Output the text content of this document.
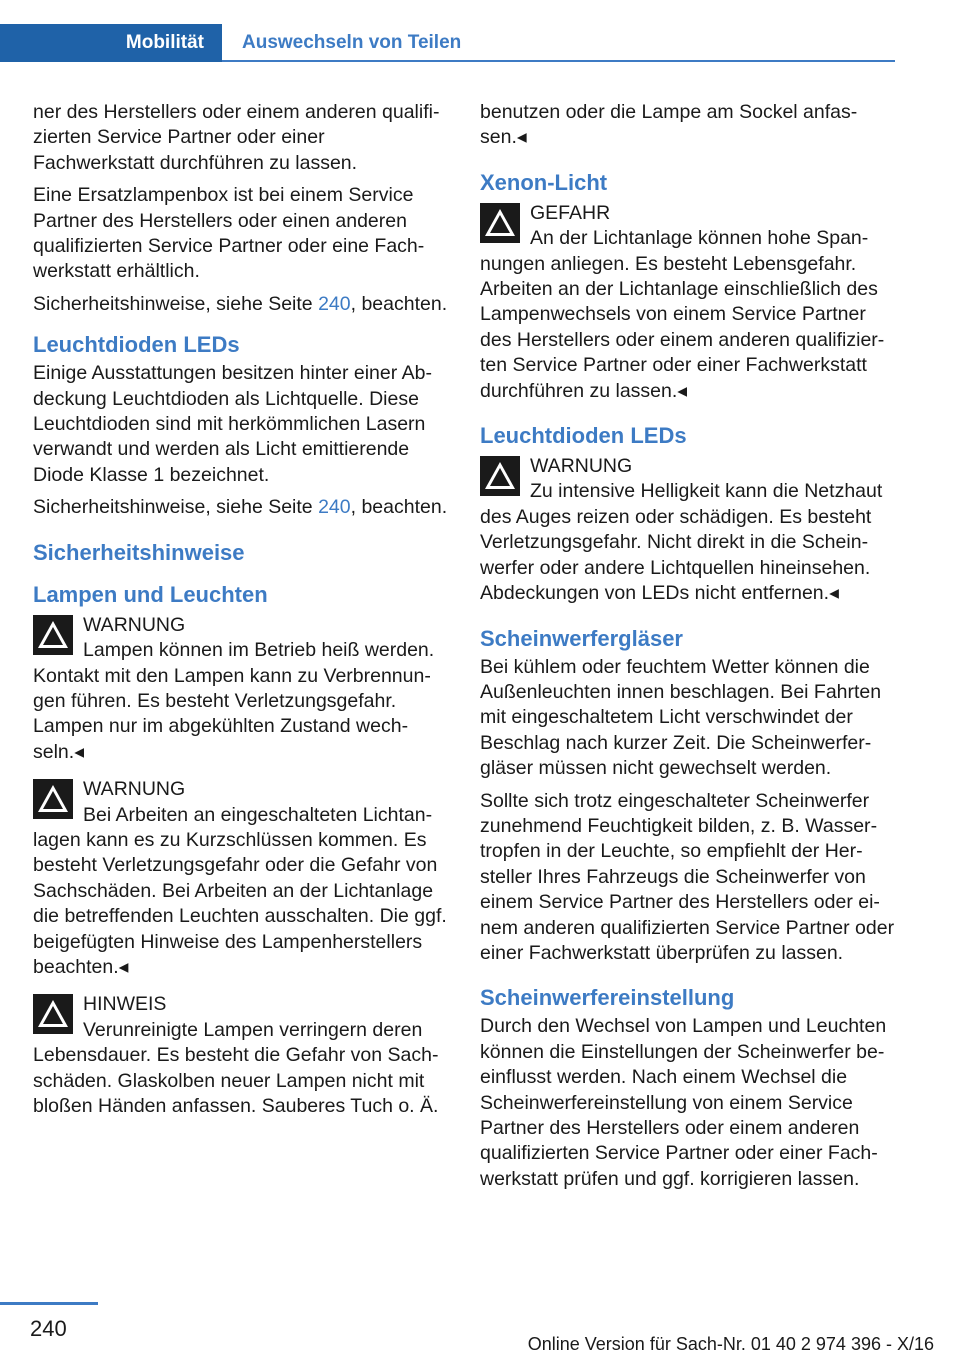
Mobilität Auswechseln von Teilen

ner des Herstellers oder einem anderen qualifizierten Service Partner oder einer Fachwerkstatt durchführen zu lassen.

Eine Ersatzlampenbox ist bei einem Service Partner des Herstellers oder einen anderen qualifizierten Service Partner oder eine Fachwerkstatt erhältlich.

Sicherheitshinweise, siehe Seite 240, beachten.

Leuchtdioden LEDs

Einige Ausstattungen besitzen hinter einer Abdeckung Leuchtdioden als Lichtquelle. Diese Leuchtdioden sind mit herkömmlichen Lasern verwandt und werden als Licht emittierende Diode Klasse 1 bezeichnet.

Sicherheitshinweise, siehe Seite 240, beachten.

Sicherheitshinweise
Lampen und Leuchten
WARNUNG
Lampen können im Betrieb heiß werden. Kontakt mit den Lampen kann zu Verbrennungen führen. Es besteht Verletzungsgefahr. Lampen nur im abgekühlten Zustand wechseln.◂
WARNUNG
Bei Arbeiten an eingeschalteten Lichtanlagen kann es zu Kurzschlüssen kommen. Es besteht Verletzungsgefahr oder die Gefahr von Sachschäden. Bei Arbeiten an der Lichtanlage die betreffenden Leuchten ausschalten. Die ggf. beigefügten Hinweise des Lampenherstellers beachten.◂
HINWEIS
Verunreinigte Lampen verringern deren Lebensdauer. Es besteht die Gefahr von Sachschäden. Glaskolben neuer Lampen nicht mit bloßen Händen anfassen. Sauberes Tuch o. Ä.

benutzen oder die Lampe am Sockel anfassen.◂

Xenon-Licht
GEFAHR
An der Lichtanlage können hohe Spannungen anliegen. Es besteht Lebensgefahr. Arbeiten an der Lichtanlage einschließlich des Lampenwechsels von einem Service Partner des Herstellers oder einem anderen qualifizierten Service Partner oder einer Fachwerkstatt durchführen zu lassen.◂
Leuchtdioden LEDs
WARNUNG
Zu intensive Helligkeit kann die Netzhaut des Auges reizen oder schädigen. Es besteht Verletzungsgefahr. Nicht direkt in die Scheinwerfer oder andere Lichtquellen hineinsehen. Abdeckungen von LEDs nicht entfernen.◂
Scheinwerfergläser

Bei kühlem oder feuchtem Wetter können die Außenleuchten innen beschlagen. Bei Fahrten mit eingeschaltetem Licht verschwindet der Beschlag nach kurzer Zeit. Die Scheinwerfergläser müssen nicht gewechselt werden.

Sollte sich trotz eingeschalteter Scheinwerfer zunehmend Feuchtigkeit bilden, z. B. Wassertropfen in der Leuchte, so empfiehlt der Hersteller Ihres Fahrzeugs die Scheinwerfer von einem Service Partner des Herstellers oder einem anderen qualifizierten Service Partner oder einer Fachwerkstatt überprüfen zu lassen.

Scheinwerfereinstellung

Durch den Wechsel von Lampen und Leuchten können die Einstellungen der Scheinwerfer beeinflusst werden. Nach einem Wechsel die Scheinwerfereinstellung von einem Service Partner des Herstellers oder einem anderen qualifizierten Service Partner oder einer Fachwerkstatt prüfen und ggf. korrigieren lassen.

240
Online Version für Sach-Nr. 01 40 2 974 396 - X/16
